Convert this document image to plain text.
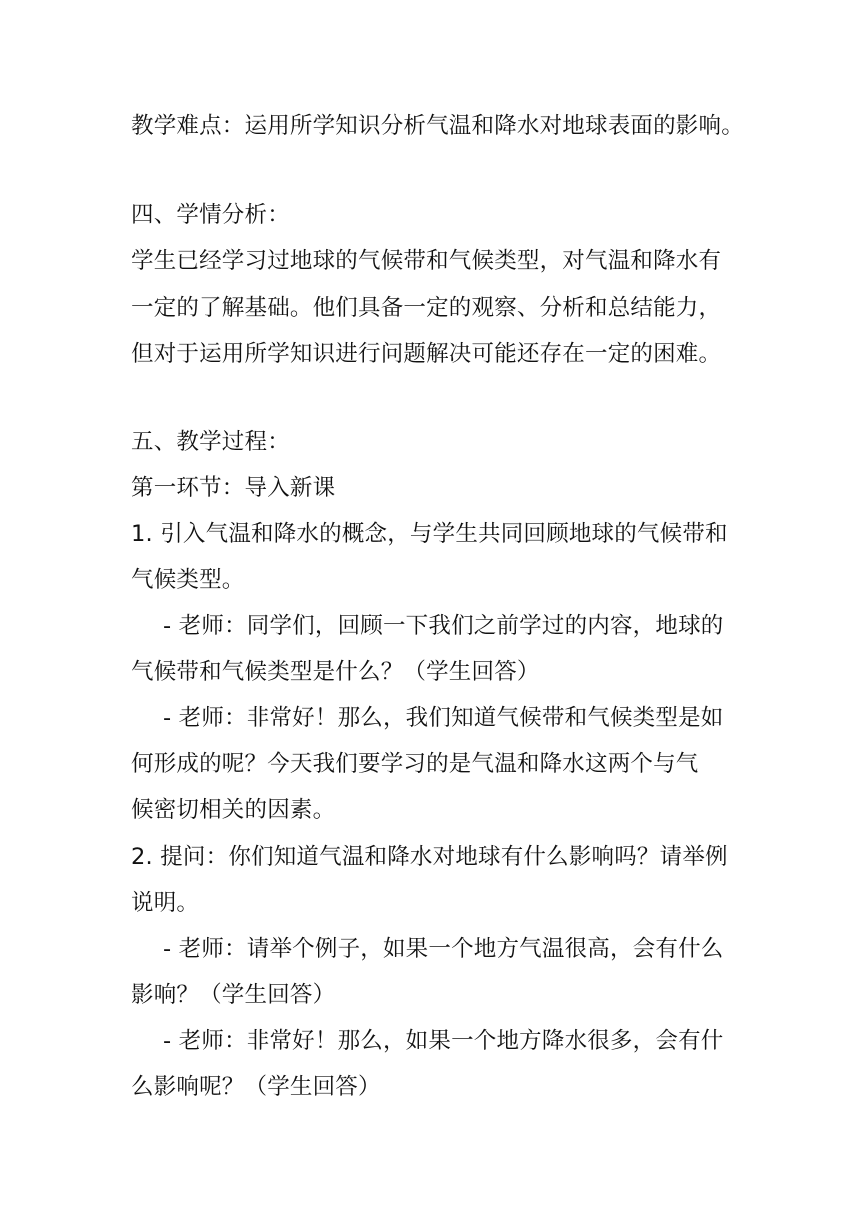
教学难点：运用所学知识分析气温和降水对地球表面的影响。
四、学情分析：
学生已经学习过地球的气候带和气候类型，对气温和降水有
一定的了解基础。他们具备一定的观察、分析和总结能力，
但对于运用所学知识进行问题解决可能还存在一定的困难。
五、教学过程：
第一环节：导入新课
1. 引入气温和降水的概念，与学生共同回顾地球的气候带和
气候类型。
- 老师：同学们，回顾一下我们之前学过的内容，地球的
气候带和气候类型是什么？（学生回答）
- 老师：非常好！那么，我们知道气候带和气候类型是如
何形成的呢？今天我们要学习的是气温和降水这两个与气
候密切相关的因素。
2. 提问：你们知道气温和降水对地球有什么影响吗？请举例
说明。
- 老师：请举个例子，如果一个地方气温很高，会有什么
影响？（学生回答）
- 老师：非常好！那么，如果一个地方降水很多，会有什
么影响呢？（学生回答）
